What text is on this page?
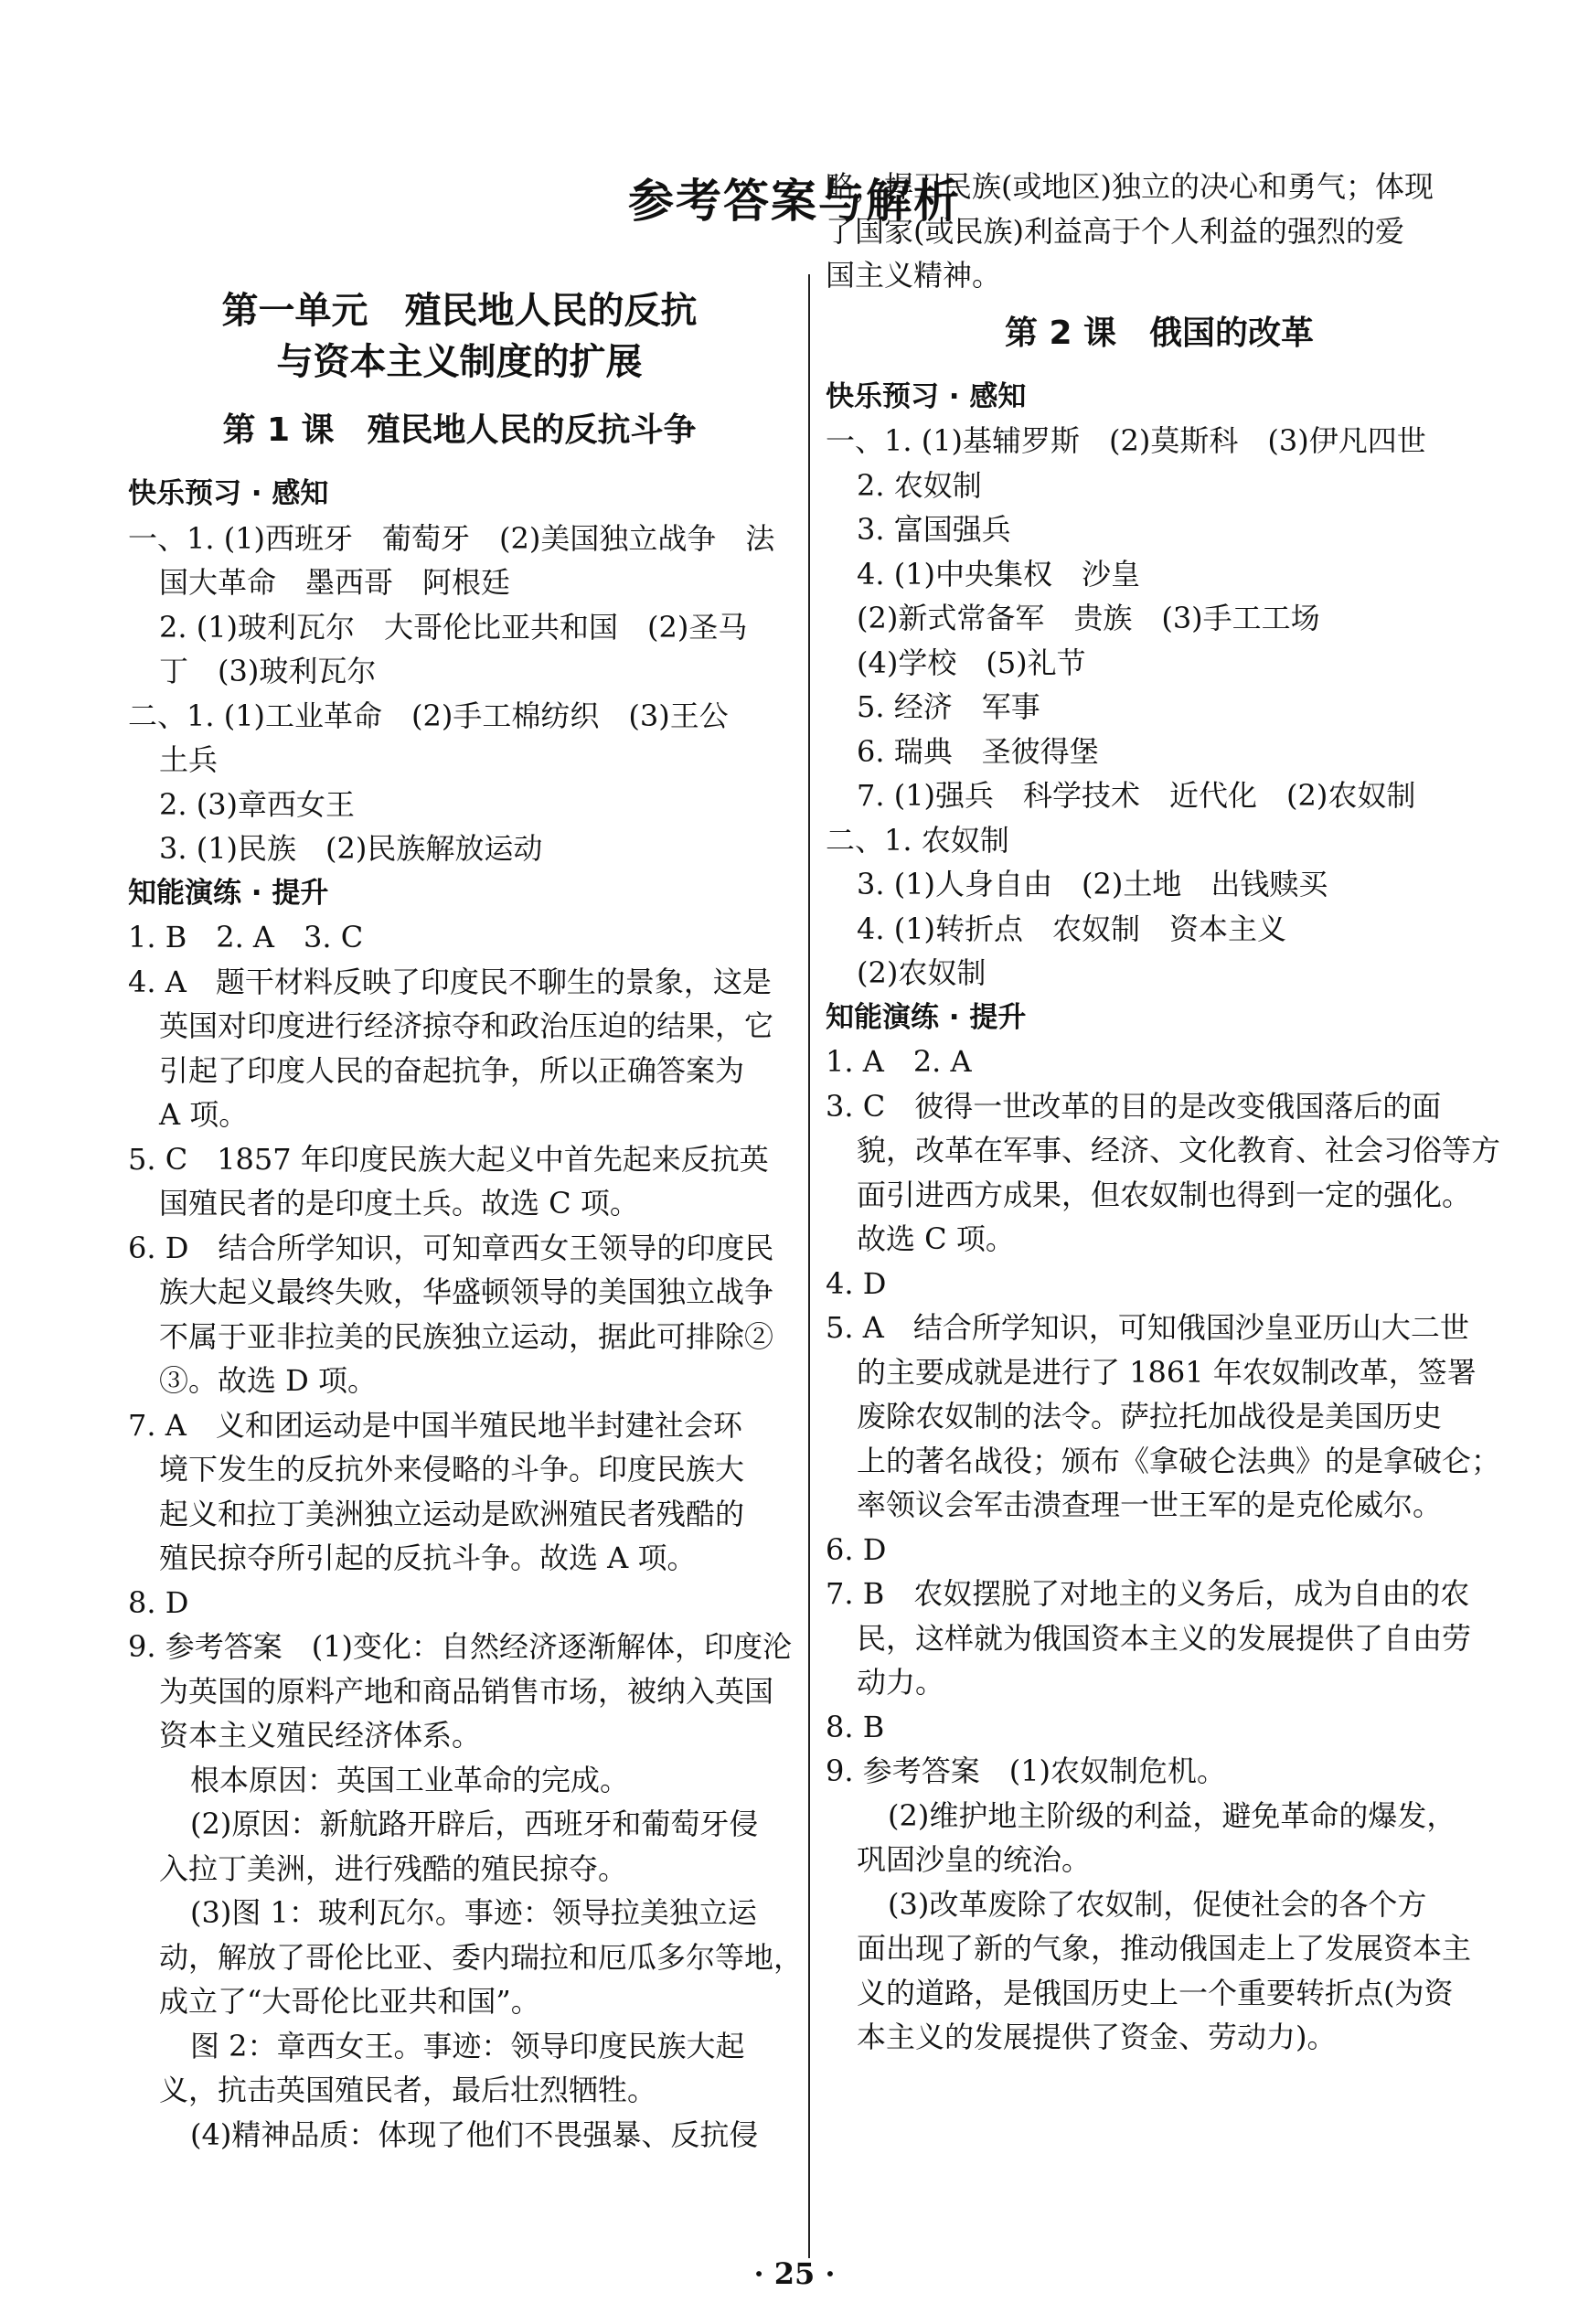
参考答案与解析
第一单元　殖民地人民的反抗
与资本主义制度的扩展
第 1 课　殖民地人民的反抗斗争
快乐预习 · 感知
一、1. (1)西班牙　葡萄牙　(2)美国独立战争　法
国大革命　墨西哥　阿根廷
2. (1)玻利瓦尔　大哥伦比亚共和国　(2)圣马
丁　(3)玻利瓦尔
二、1. (1)工业革命　(2)手工棉纺织　(3)王公
土兵
2. (3)章西女王
3. (1)民族　(2)民族解放运动
知能演练 · 提升
1. B　2. A　3. C
4. A　题干材料反映了印度民不聊生的景象，这是
英国对印度进行经济掠夺和政治压迫的结果，它
引起了印度人民的奋起抗争，所以正确答案为
A 项。
5. C　1857 年印度民族大起义中首先起来反抗英
国殖民者的是印度土兵。故选 C 项。
6. D　结合所学知识，可知章西女王领导的印度民
族大起义最终失败，华盛顿领导的美国独立战争
不属于亚非拉美的民族独立运动，据此可排除②
③。故选 D 项。
7. A　义和团运动是中国半殖民地半封建社会环
境下发生的反抗外来侵略的斗争。印度民族大
起义和拉丁美洲独立运动是欧洲殖民者残酷的
殖民掠夺所引起的反抗斗争。故选 A 项。
8. D
9. 参考答案　(1)变化：自然经济逐渐解体，印度沦
为英国的原料产地和商品销售市场，被纳入英国
资本主义殖民经济体系。
根本原因：英国工业革命的完成。
(2)原因：新航路开辟后，西班牙和葡萄牙侵
入拉丁美洲，进行残酷的殖民掠夺。
(3)图 1：玻利瓦尔。事迹：领导拉美独立运
动，解放了哥伦比亚、委内瑞拉和厄瓜多尔等地，
成立了“大哥伦比亚共和国”。
图 2：章西女王。事迹：领导印度民族大起
义，抗击英国殖民者，最后壮烈牺牲。
(4)精神品质：体现了他们不畏强暴、反抗侵
略，捍卫民族(或地区)独立的决心和勇气；体现
了国家(或民族)利益高于个人利益的强烈的爱
国主义精神。
第 2 课　俄国的改革
快乐预习 · 感知
一、1. (1)基辅罗斯　(2)莫斯科　(3)伊凡四世
2. 农奴制
3. 富国强兵
4. (1)中央集权　沙皇
(2)新式常备军　贵族　(3)手工工场
(4)学校　(5)礼节
5. 经济　军事
6. 瑞典　圣彼得堡
7. (1)强兵　科学技术　近代化　(2)农奴制
二、1. 农奴制
3. (1)人身自由　(2)土地　出钱赎买
4. (1)转折点　农奴制　资本主义
(2)农奴制
知能演练 · 提升
1. A　2. A
3. C　彼得一世改革的目的是改变俄国落后的面
貌，改革在军事、经济、文化教育、社会习俗等方
面引进西方成果，但农奴制也得到一定的强化。
故选 C 项。
4. D
5. A　结合所学知识，可知俄国沙皇亚历山大二世
的主要成就是进行了 1861 年农奴制改革，签署
废除农奴制的法令。萨拉托加战役是美国历史
上的著名战役；颁布《拿破仑法典》的是拿破仑；
率领议会军击溃查理一世王军的是克伦威尔。
6. D
7. B　农奴摆脱了对地主的义务后，成为自由的农
民，这样就为俄国资本主义的发展提供了自由劳
动力。
8. B
9. 参考答案　(1)农奴制危机。
(2)维护地主阶级的利益，避免革命的爆发，
巩固沙皇的统治。
(3)改革废除了农奴制，促使社会的各个方
面出现了新的气象，推动俄国走上了发展资本主
义的道路，是俄国历史上一个重要转折点(为资
本主义的发展提供了资金、劳动力)。
· 25 ·
